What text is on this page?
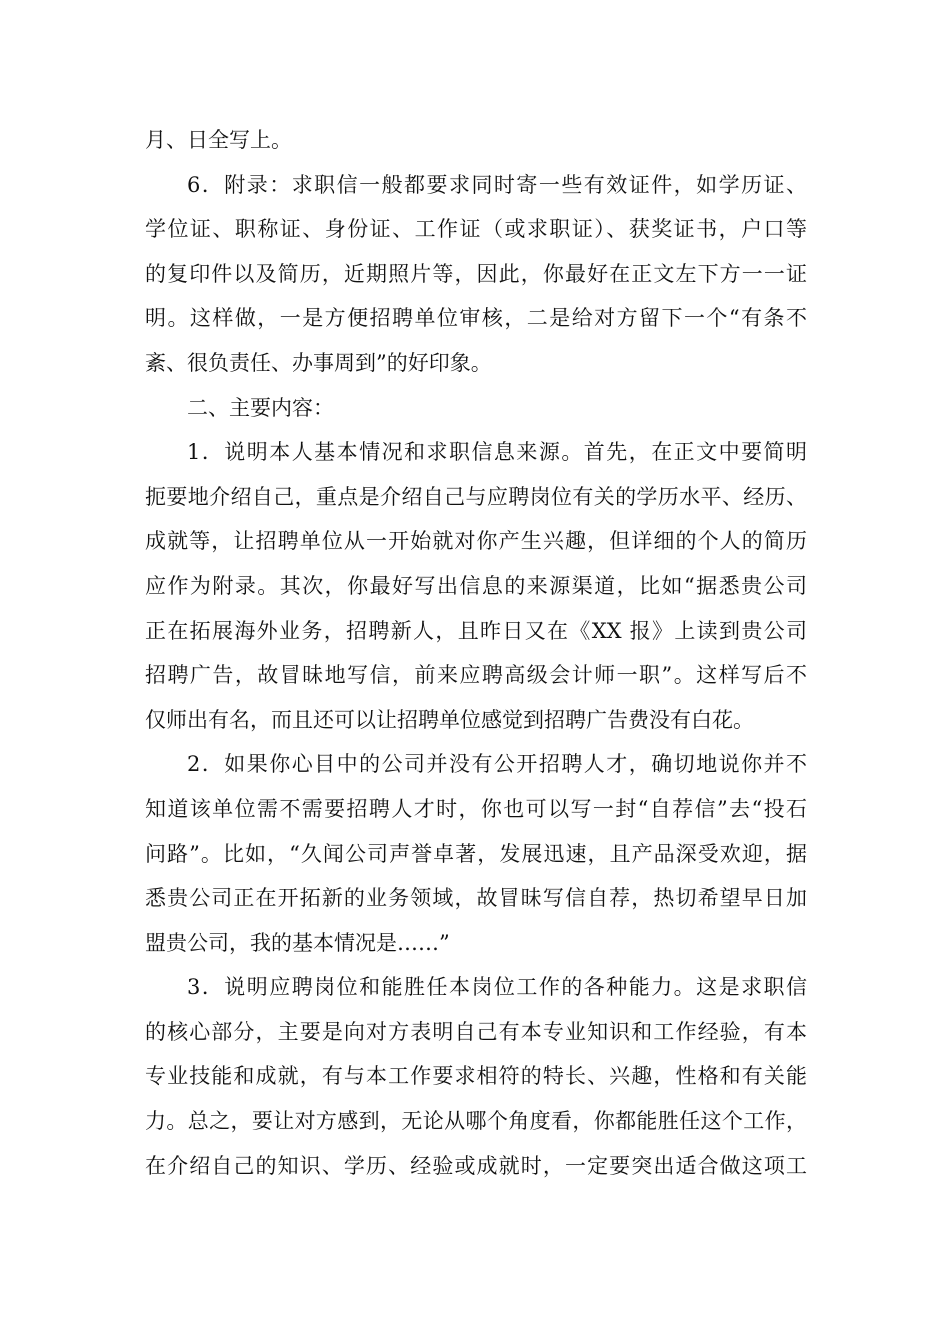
月、日全写上。
6．附录：求职信一般都要求同时寄一些有效证件，如学历证、
学位证、职称证、身份证、工作证（或求职证）、获奖证书，户口等
的复印件以及简历，近期照片等，因此，你最好在正文左下方一一证
明。这样做，一是方便招聘单位审核，二是给对方留下一个“有条不
紊、很负责任、办事周到”的好印象。
二、主要内容：
1．说明本人基本情况和求职信息来源。首先，在正文中要简明
扼要地介绍自己，重点是介绍自己与应聘岗位有关的学历水平、经历、
成就等，让招聘单位从一开始就对你产生兴趣，但详细的个人的简历
应作为附录。其次，你最好写出信息的来源渠道，比如“据悉贵公司
正在拓展海外业务，招聘新人，且昨日又在《XX 报》上读到贵公司
招聘广告，故冒昧地写信，前来应聘高级会计师一职”。这样写后不
仅师出有名，而且还可以让招聘单位感觉到招聘广告费没有白花。
2．如果你心目中的公司并没有公开招聘人才，确切地说你并不
知道该单位需不需要招聘人才时，你也可以写一封“自荐信”去“投石
问路”。比如，“久闻公司声誉卓著，发展迅速，且产品深受欢迎，据
悉贵公司正在开拓新的业务领域，故冒昧写信自荐，热切希望早日加
盟贵公司，我的基本情况是……”
3．说明应聘岗位和能胜任本岗位工作的各种能力。这是求职信
的核心部分，主要是向对方表明自己有本专业知识和工作经验，有本
专业技能和成就，有与本工作要求相符的特长、兴趣，性格和有关能
力。总之，要让对方感到，无论从哪个角度看，你都能胜任这个工作，
在介绍自己的知识、学历、经验或成就时，一定要突出适合做这项工
